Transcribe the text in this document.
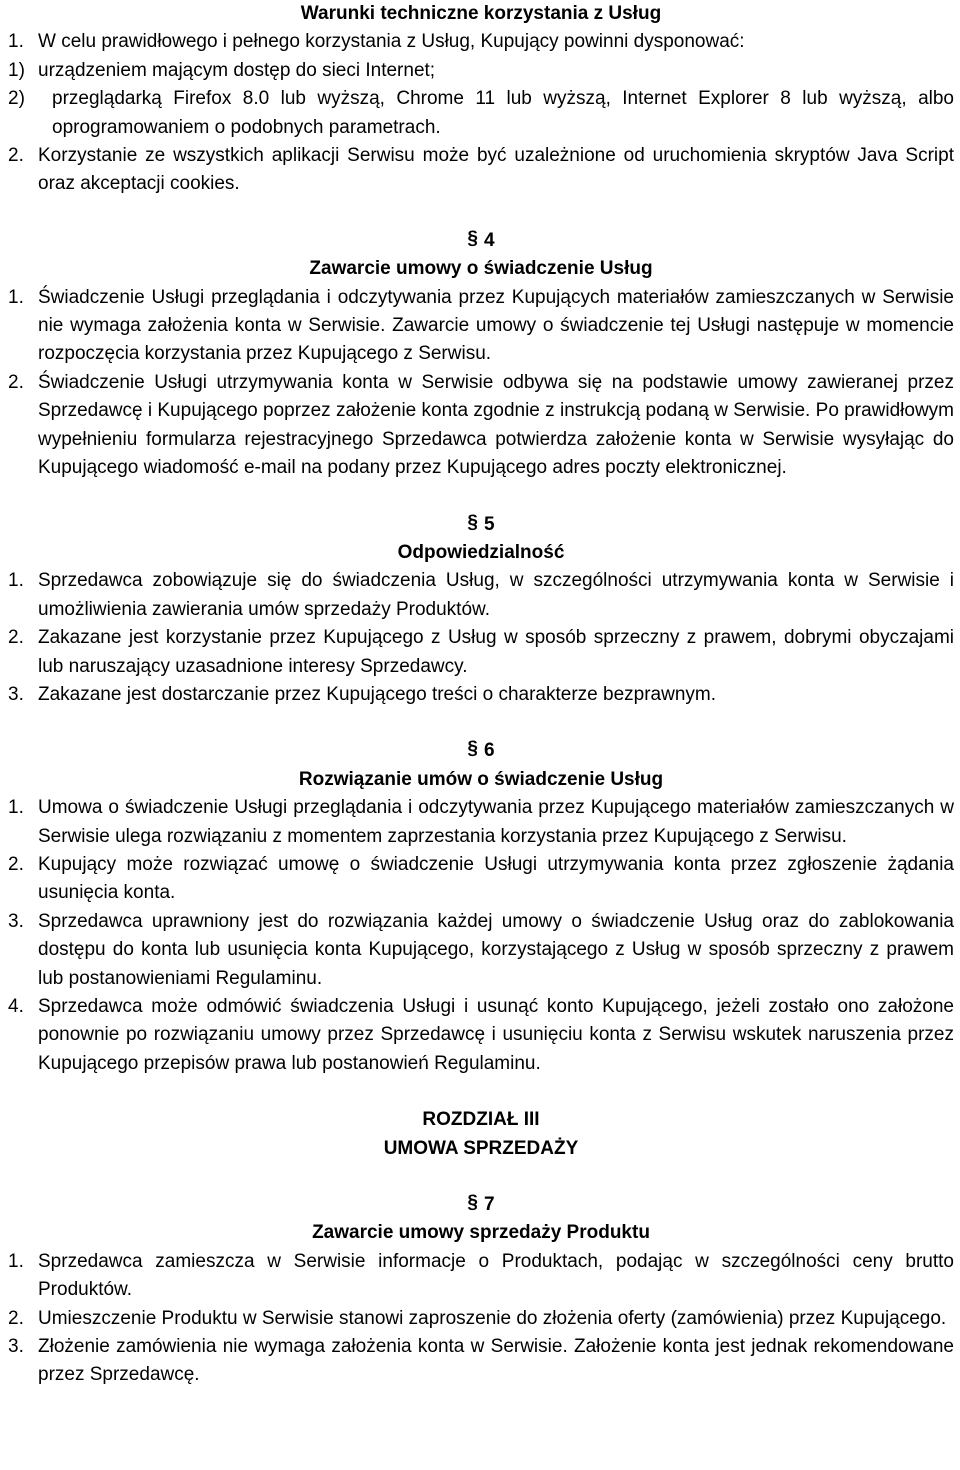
Warunki techniczne korzystania z Usług
1. W celu prawidłowego i pełnego korzystania z Usług, Kupujący powinni dysponować:
1) urządzeniem mającym dostęp do sieci Internet;
2) przeglądarką Firefox 8.0 lub wyższą, Chrome 11 lub wyższą, Internet Explorer 8 lub wyższą, albo oprogramowaniem o podobnych parametrach.
2. Korzystanie ze wszystkich aplikacji Serwisu może być uzależnione od uruchomienia skryptów Java Script oraz akceptacji cookies.
§ 4
Zawarcie umowy o świadczenie Usług
1. Świadczenie Usługi przeglądania i odczytywania przez Kupujących materiałów zamieszczanych w Serwisie nie wymaga założenia konta w Serwisie. Zawarcie umowy o świadczenie tej Usługi następuje w momencie rozpoczęcia korzystania przez Kupującego z Serwisu.
2. Świadczenie Usługi utrzymywania konta w Serwisie odbywa się na podstawie umowy zawieranej przez Sprzedawcę i Kupującego poprzez założenie konta zgodnie z instrukcją podaną w Serwisie. Po prawidłowym wypełnieniu formularza rejestracyjnego Sprzedawca potwierdza założenie konta w Serwisie wysyłając do Kupującego wiadomość e-mail na podany przez Kupującego adres poczty elektronicznej.
§ 5
Odpowiedzialność
1. Sprzedawca zobowiązuje się do świadczenia Usług, w szczególności utrzymywania konta w Serwisie i umożliwienia zawierania umów sprzedaży Produktów.
2. Zakazane jest korzystanie przez Kupującego z Usług w sposób sprzeczny z prawem, dobrymi obyczajami lub naruszający uzasadnione interesy Sprzedawcy.
3. Zakazane jest dostarczanie przez Kupującego treści o charakterze bezprawnym.
§ 6
Rozwiązanie umów o świadczenie Usług
1. Umowa o świadczenie Usługi przeglądania i odczytywania przez Kupującego materiałów zamieszczanych w Serwisie ulega rozwiązaniu z momentem zaprzestania korzystania przez Kupującego z Serwisu.
2. Kupujący może rozwiązać umowę o świadczenie Usługi utrzymywania konta przez zgłoszenie żądania usunięcia konta.
3. Sprzedawca uprawniony jest do rozwiązania każdej umowy o świadczenie Usług oraz do zablokowania dostępu do konta lub usunięcia konta Kupującego, korzystającego z Usług w sposób sprzeczny z prawem lub postanowieniami Regulaminu.
4. Sprzedawca może odmówić świadczenia Usługi i usunąć konto Kupującego, jeżeli zostało ono założone ponownie po rozwiązaniu umowy przez Sprzedawcę i usunięciu konta z Serwisu wskutek naruszenia przez Kupującego przepisów prawa lub postanowień Regulaminu.
ROZDZIAŁ III
UMOWA SPRZEDAŻY
§ 7
Zawarcie umowy sprzedaży Produktu
1. Sprzedawca zamieszcza w Serwisie informacje o Produktach, podając w szczególności ceny brutto Produktów.
2. Umieszczenie Produktu w Serwisie stanowi zaproszenie do złożenia oferty (zamówienia) przez Kupującego.
3. Złożenie zamówienia nie wymaga założenia konta w Serwisie. Założenie konta jest jednak rekomendowane przez Sprzedawcę.
